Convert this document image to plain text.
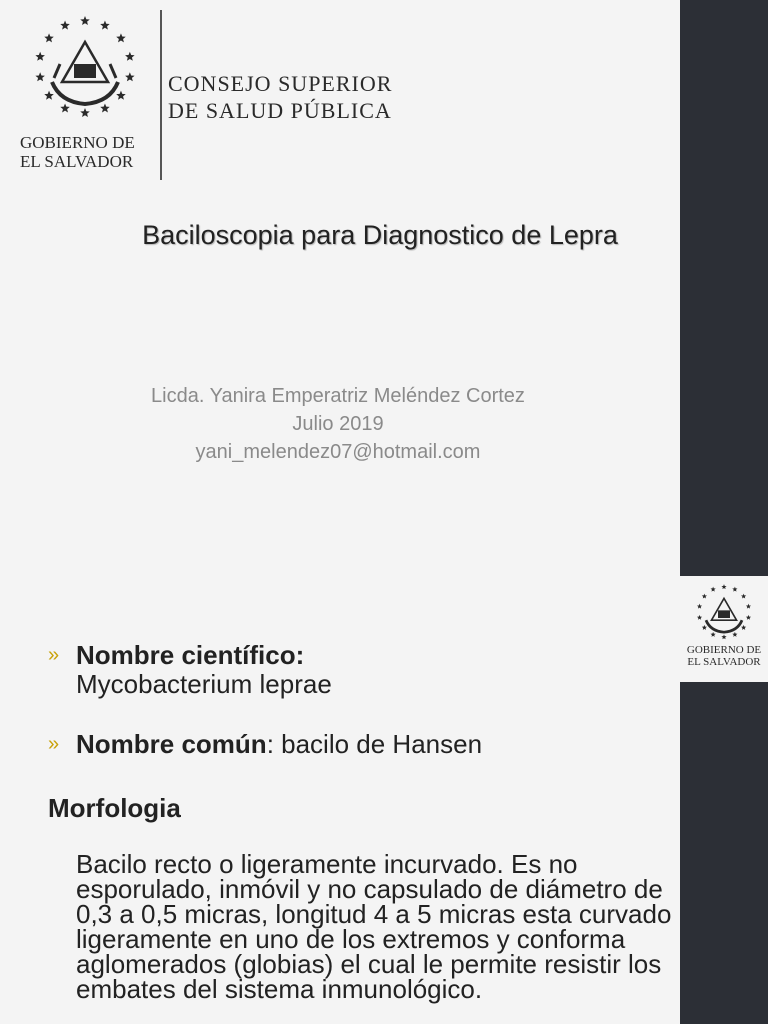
GOBIERNO DE
EL SALVADOR
CONSEJO SUPERIOR
DE SALUD PÚBLICA
Baciloscopia para Diagnostico de Lepra
Licda. Yanira Emperatriz Meléndez Cortez
Julio 2019
yani_melendez07@hotmail.com
» Nombre científico:
Mycobacterium leprae
» Nombre común: bacilo de Hansen
Morfologia

Bacilo recto o ligeramente incurvado. Es no esporulado, inmóvil y no capsulado de diámetro de 0,3 a 0,5 micras, longitud 4 a 5 micras esta curvado ligeramente en uno de los extremos y conforma aglomerados (globias) el cual le permite resistir los embates del sistema inmunológico.

GOBIERNO DE
EL SALVADOR
